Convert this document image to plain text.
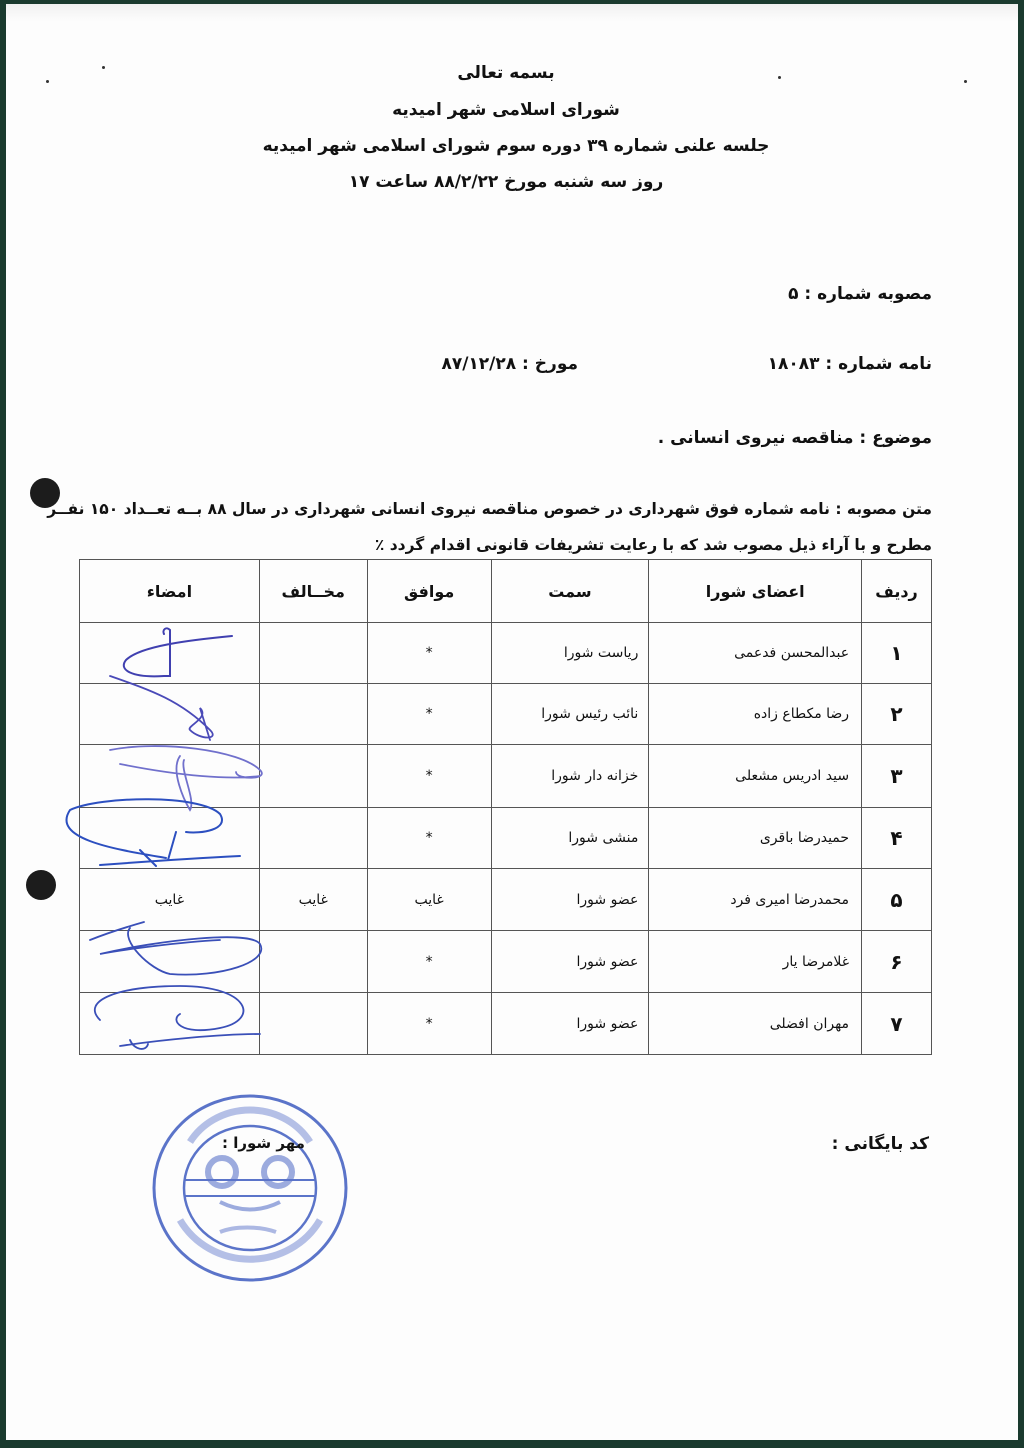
بسمه تعالی
شورای اسلامی شهر امیدیه
جلسه علنی شماره ۳۹ دوره سوم شورای اسلامی شهر امیدیه
روز سه شنبه مورخ ۸۸/۲/۲۲ ساعت ۱۷
مصوبه شماره : ۵
نامه شماره : ۱۸۰۸۳
مورخ : ۸۷/۱۲/۲۸
موضوع : مناقصه نیروی انسانی .
متن مصوبه : نامه شماره فوق شهرداری در خصوص مناقصه نیروی انسانی شهرداری در سال ۸۸ بــه تعــداد ۱۵۰ نفــر
مطرح و با آراء ذیل مصوب شد که با رعایت تشریفات قانونی اقدام گردد ٪
ردیف	اعضای شورا	سمت	موافق	مخــالف	امضاء
۱	عبدالمحسن فدعمی	ریاست شورا	*		
۲	رضا مکطاع زاده	نائب رئیس شورا	*		
۳	سید ادریس مشعلی	خزانه دار شورا	*		
۴	حمیدرضا باقری	منشی شورا	*		
۵	محمدرضا امیری فرد	عضو شورا	غایب	غایب	غایب
۶	غلامرضا یار	عضو شورا	*		
۷	مهران افضلی	عضو شورا	*		
مهر شورا :	کد بایگانی :
